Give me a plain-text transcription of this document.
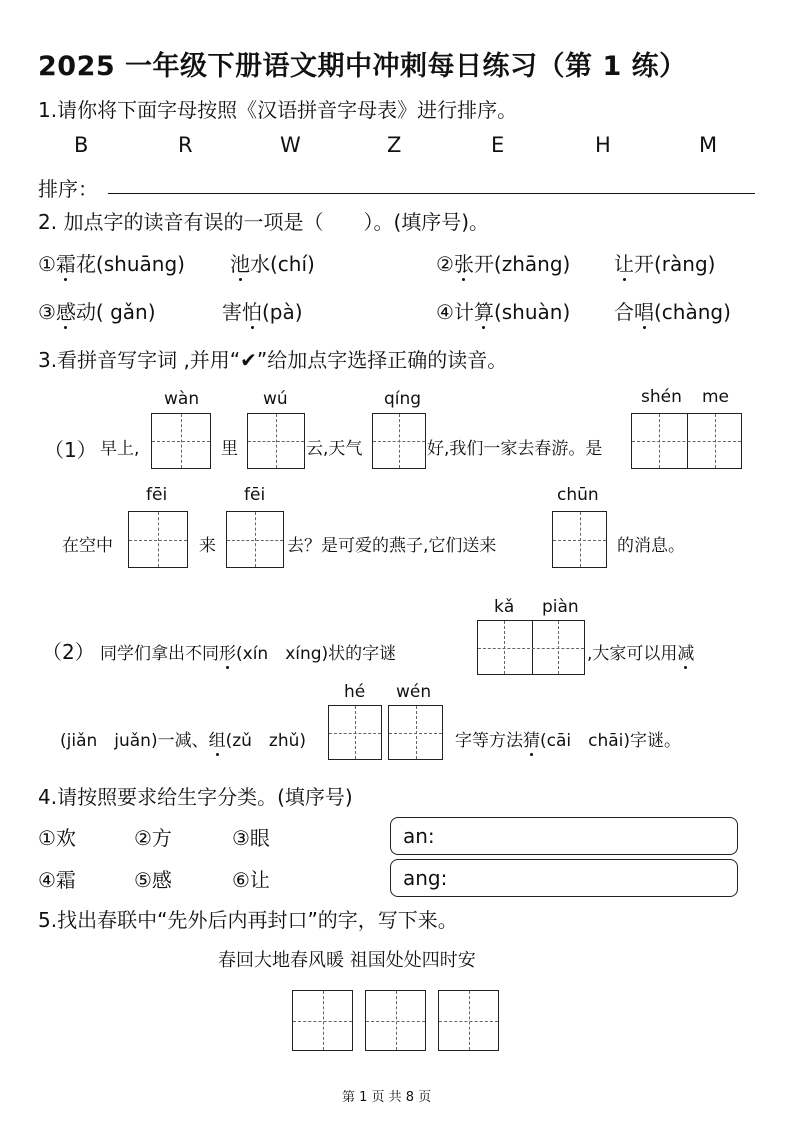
2025 一年级下册语文期中冲刺每日练习（第 1 练）
1.请你将下面字母按照《汉语拼音字母表》进行排序。
B	R	W	Z	E	H	M
排序：
2. 加点字的读音有误的一项是（　　）。(填序号)。
①霜花(shuāng) 池水(chí)	②张开(zhāng) 让开(ràng)
③感动( gǎn)	害怕(pà)	④计算(shuàn) 合唱(chàng)
3.看拼音写字词 ,并用“✔”给加点字选择正确的读音。
wàn	wú	qíng	shén me
（1） 早上,	里	云,天气	好,我们一家去春游。是
fēi	fēi	chūn
在空中	来	去？是可爱的燕子,它们送来	的消息。
kǎ piàn
（2） 同学们拿出不同形(xín　xíng)状的字谜	,大家可以用减
hé wén
(jiǎn　juǎn)一减、组(zǔ　zhǔ)	字等方法猜(cāi　chāi)字谜。
4.请按照要求给生字分类。(填序号)
①欢	②方	③眼
④霜	⑤感	⑥让
an:
ang:
5.找出春联中“先外后内再封口”的字，写下来。
春回大地春风暖 祖国处处四时安
第 1 页 共 8 页
